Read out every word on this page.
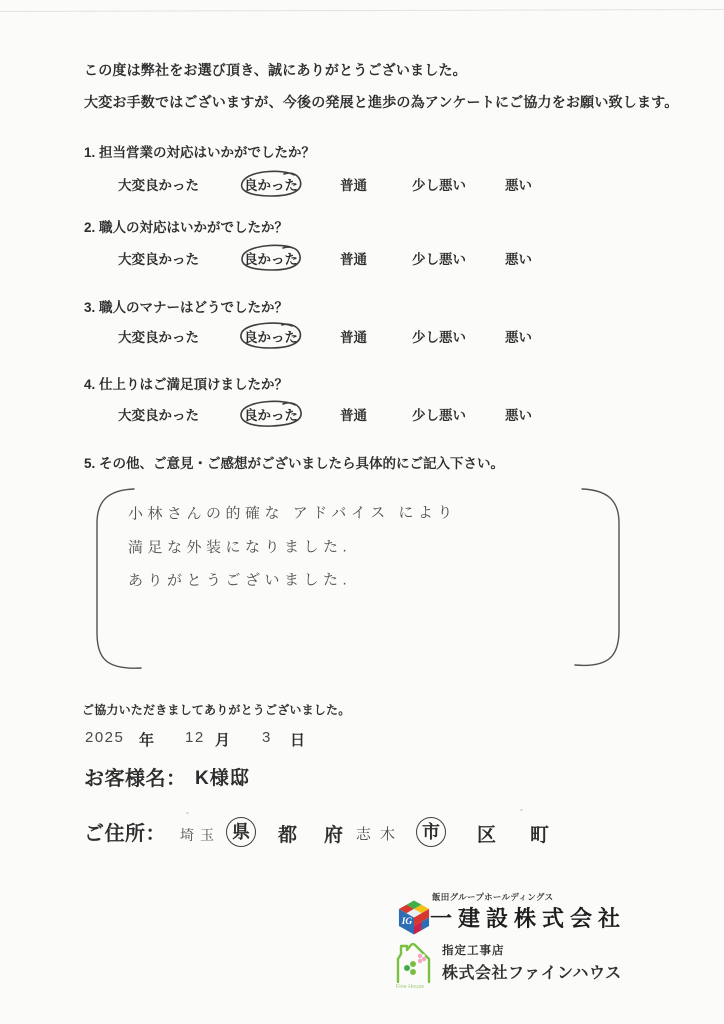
この度は弊社をお選び頂き、誠にありがとうございました。

大変お手数ではございますが、今後の発展と進歩の為アンケートにご協力をお願い致します。

1. 担当営業の対応はいかがでしたか？

大変良かった	良かった	普通	少し悪い	悪い

2. 職人の対応はいかがでしたか？

大変良かった	良かった	普通	少し悪い	悪い

3. 職人のマナーはどうでしたか？

大変良かった	良かった	普通	少し悪い	悪い

4. 仕上りはご満足頂けましたか？

大変良かった	良かった	普通	少し悪い	悪い

5. その他、ご意見・ご感想がございましたら具体的にご記入下さい。

小林さんの的確な アドバイス により

満足な外装になりました.

ありがとうございました.

ご協力いただきましてありがとうございました。

2025 年 12 月 3 日
お客様名： K様邸
ご住所： 埼玉 県	都 府 志木 市	区 町
IG

飯田グループホールディングス

一建設株式会社

Fine House

指定工事店

株式会社ファインハウス
